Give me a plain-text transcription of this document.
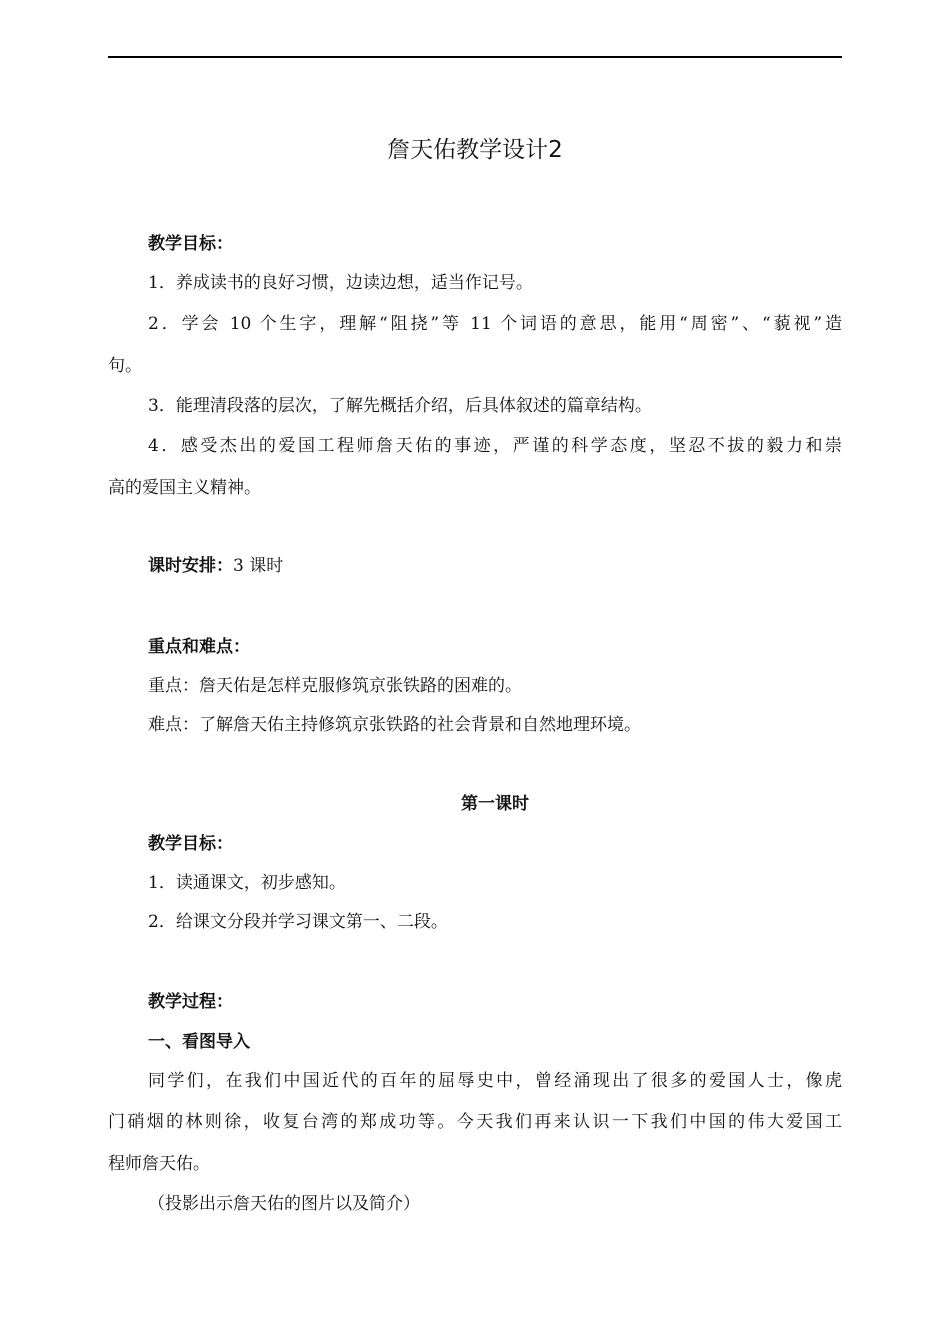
詹天佑教学设计2
教学目标：
1．养成读书的良好习惯，边读边想，适当作记号。
2．学会 10 个生字，理解“阻挠”等 11 个词语的意思，能用“周密”、“藐视”造
句。
3．能理清段落的层次，了解先概括介绍，后具体叙述的篇章结构。
4．感受杰出的爱国工程师詹天佑的事迹，严谨的科学态度，坚忍不拔的毅力和崇
高的爱国主义精神。
课时安排：3 课时
重点和难点：
重点：詹天佑是怎样克服修筑京张铁路的困难的。
难点：了解詹天佑主持修筑京张铁路的社会背景和自然地理环境。
第一课时
教学目标：
1．读通课文，初步感知。
2．给课文分段并学习课文第一、二段。
教学过程：
一、看图导入
同学们，在我们中国近代的百年的屈辱史中，曾经涌现出了很多的爱国人士，像虎
门硝烟的林则徐，收复台湾的郑成功等。今天我们再来认识一下我们中国的伟大爱国工
程师詹天佑。
（投影出示詹天佑的图片以及简介）
